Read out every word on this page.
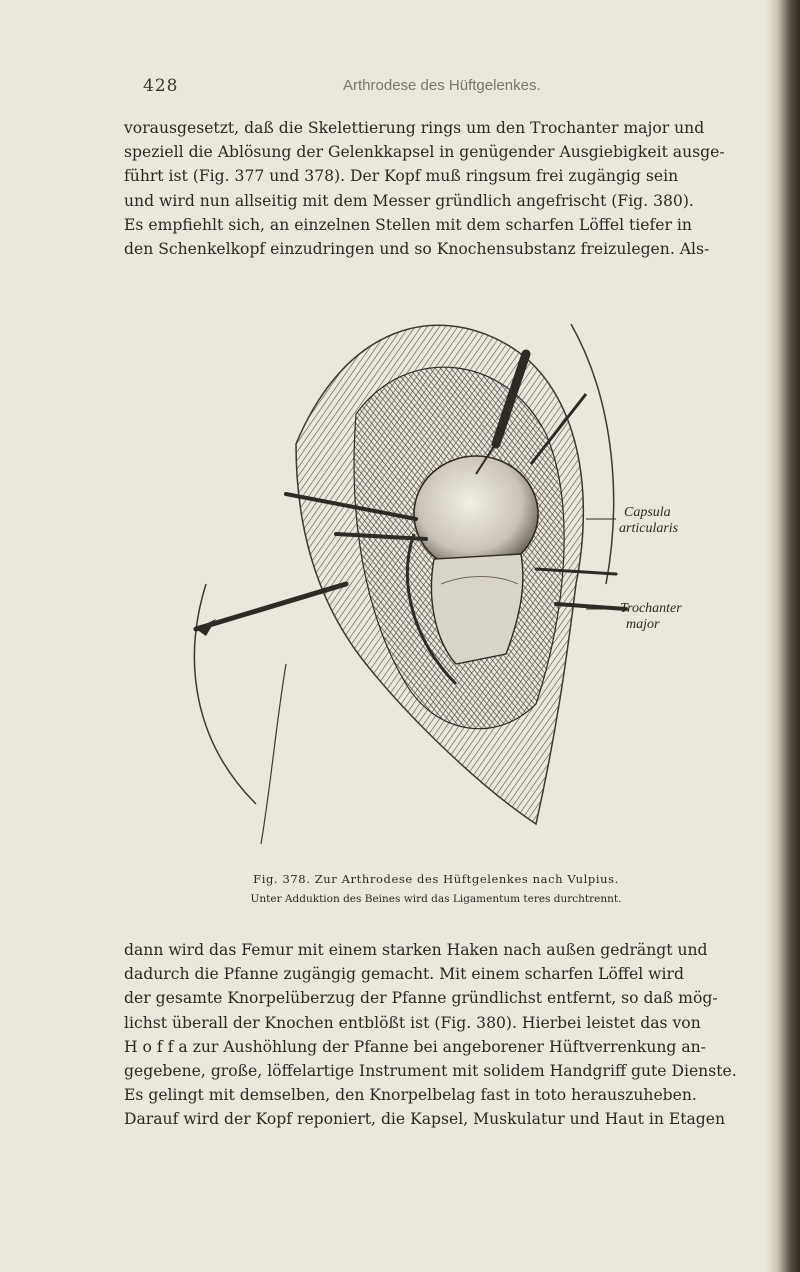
428	Arthrodese des Hüftgelenkes.

vorausgesetzt, daß die Skelettierung rings um den Trochanter major und

speziell die Ablösung der Gelenkkapsel in genügender Ausgiebigkeit ausge-

führt ist (Fig. 377 und 378). Der Kopf muß ringsum frei zugängig sein

und wird nun allseitig mit dem Messer gründlich angefrischt (Fig. 380).

Es empfiehlt sich, an einzelnen Stellen mit dem scharfen Löffel tiefer in

den Schenkelkopf einzudringen und so Knochensubstanz freizulegen. Als-

Capsula
articularis
Trochanter
major
Fig. 378. Zur Arthrodese des Hüftgelenkes nach Vulpius.
Unter Adduktion des Beines wird das Ligamentum teres durchtrennt.

dann wird das Femur mit einem starken Haken nach außen gedrängt und

dadurch die Pfanne zugängig gemacht. Mit einem scharfen Löffel wird

der gesamte Knorpelüberzug der Pfanne gründlichst entfernt, so daß mög-

lichst überall der Knochen entblößt ist (Fig. 380). Hierbei leistet das von

H o f f a zur Aushöhlung der Pfanne bei angeborener Hüftverrenkung an-

gegebene, große, löffelartige Instrument mit solidem Handgriff gute Dienste.

Es gelingt mit demselben, den Knorpelbelag fast in toto herauszuheben.

Darauf wird der Kopf reponiert, die Kapsel, Muskulatur und Haut in Etagen
